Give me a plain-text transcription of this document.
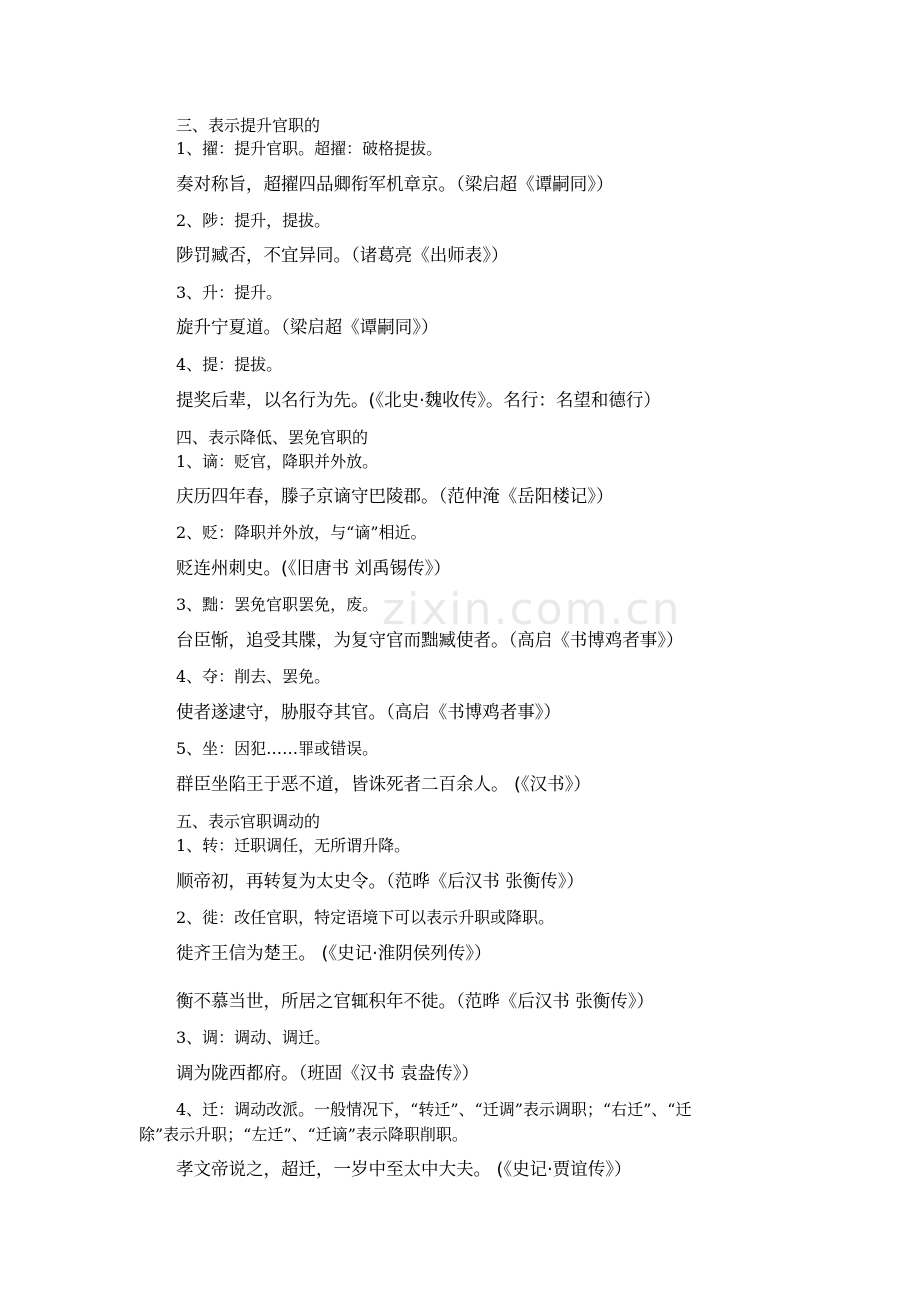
三、表示提升官职的
1、擢：提升官职。超擢：破格提拔。
奏对称旨，超擢四品卿衔军机章京。（梁启超《谭嗣同》）
2、陟：提升，提拔。
陟罚臧否，不宜异同。（诸葛亮《出师表》）
3、升：提升。
旋升宁夏道。（梁启超《谭嗣同》）
4、提：提拔。
提奖后辈，以名行为先。(《北史·魏收传》。名行：名望和德行）
四、表示降低、罢免官职的
1、谪：贬官，降职并外放。
庆历四年春，滕子京谪守巴陵郡。（范仲淹《岳阳楼记》）
2、贬：降职并外放，与“谪”相近。
贬连州刺史。(《旧唐书 刘禹锡传》）
3、黜：罢免官职罢免，废。
台臣惭，追受其牒，为复守官而黜臧使者。（高启《书博鸡者事》）
4、夺：削去、罢免。
使者遂逮守，胁服夺其官。（高启《书博鸡者事》）
5、坐：因犯……罪或错误。
群臣坐陷王于恶不道，皆诛死者二百余人。 (《汉书》）
五、表示官职调动的
1、转：迁职调任，无所谓升降。
顺帝初，再转复为太史令。（范晔《后汉书 张衡传》）
2、徙：改任官职，特定语境下可以表示升职或降职。
徙齐王信为楚王。 (《史记·淮阴侯列传》）
衡不慕当世，所居之官辄积年不徙。（范晔《后汉书 张衡传》）
3、调：调动、调迁。
调为陇西都府。（班固《汉书 袁盎传》）
4、迁：调动改派。一般情况下，“转迁”、“迁调”表示调职；“右迁”、“迁
除”表示升职；“左迁”、“迁谪”表示降职削职。
孝文帝说之，超迁，一岁中至太中大夫。 (《史记·贾谊传》）
zixin.com.cn
